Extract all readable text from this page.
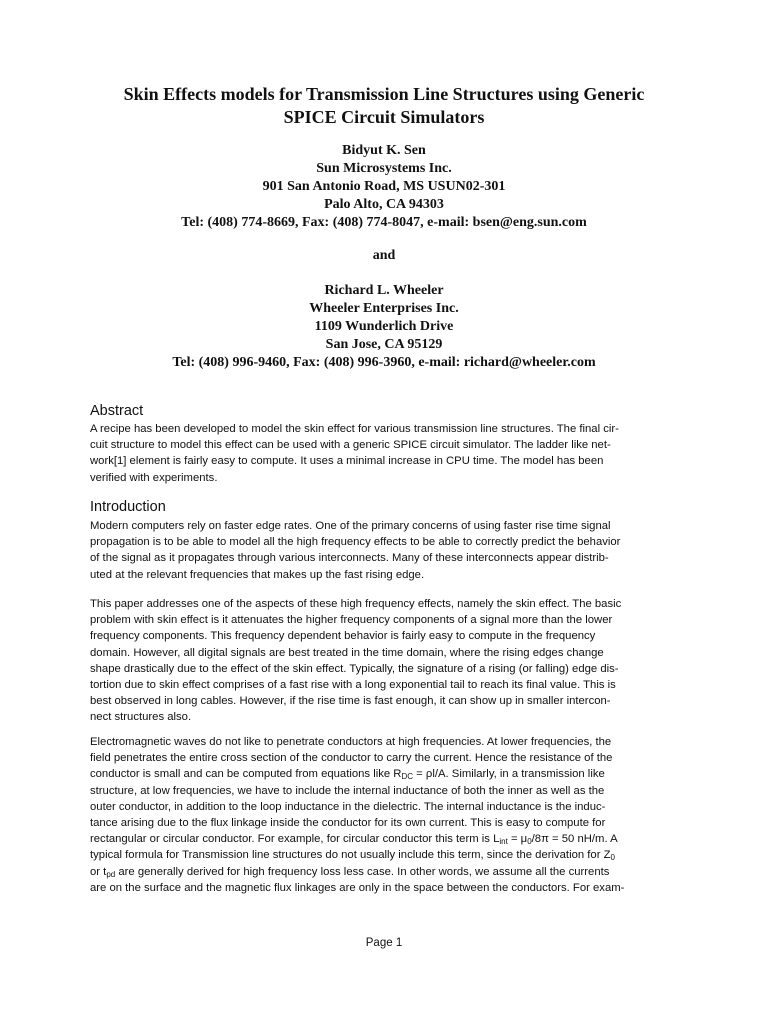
Skin Effects models for Transmission Line Structures using Generic
SPICE Circuit Simulators
Bidyut K. Sen
Sun Microsystems Inc.
901 San Antonio Road, MS USUN02-301
Palo Alto, CA 94303
Tel: (408) 774-8669, Fax: (408) 774-8047, e-mail: bsen@eng.sun.com
and
Richard L. Wheeler
Wheeler Enterprises Inc.
1109 Wunderlich Drive
San Jose, CA 95129
Tel: (408) 996-9460, Fax: (408) 996-3960, e-mail: richard@wheeler.com
Abstract
A recipe has been developed to model the skin effect for various transmission line structures. The final cir-
cuit structure to model this effect can be used with a generic SPICE circuit simulator. The ladder like net-
work[1] element is fairly easy to compute. It uses a minimal increase in CPU time. The model has been
verified with experiments.
Introduction
Modern computers rely on faster edge rates. One of the primary concerns of using faster rise time signal
propagation is to be able to model all the high frequency effects to be able to correctly predict the behavior
of the signal as it propagates through various interconnects. Many of these interconnects appear distrib-
uted at the relevant frequencies that makes up the fast rising edge.
This paper addresses one of the aspects of these high frequency effects, namely the skin effect. The basic
problem with skin effect is it attenuates the higher frequency components of a signal more than the lower
frequency components. This frequency dependent behavior is fairly easy to compute in the frequency
domain. However, all digital signals are best treated in the time domain, where the rising edges change
shape drastically due to the effect of the skin effect. Typically, the signature of a rising (or falling) edge dis-
tortion due to skin effect comprises of a fast rise with a long exponential tail to reach its final value. This is
best observed in long cables. However, if the rise time is fast enough, it can show up in smaller intercon-
nect structures also.
Electromagnetic waves do not like to penetrate conductors at high frequencies. At lower frequencies, the
field penetrates the entire cross section of the conductor to carry the current. Hence the resistance of the
conductor is small and can be computed from equations like $R_{DC} = \rho l/A$. Similarly, in a transmission like
structure, at low frequencies, we have to include the internal inductance of both the inner as well as the
outer conductor, in addition to the loop inductance in the dielectric. The internal inductance is the induc-
tance arising due to the flux linkage inside the conductor for its own current. This is easy to compute for
rectangular or circular conductor. For example, for circular conductor this term is $L_{int} = \mu_0/8\pi = 50$ nH/m. A
typical formula for Transmission line structures do not usually include this term, since the derivation for $Z_0$
or $t_{pd}$ are generally derived for high frequency loss less case. In other words, we assume all the currents
are on the surface and the magnetic flux linkages are only in the space between the conductors. For exam-
Page 1
